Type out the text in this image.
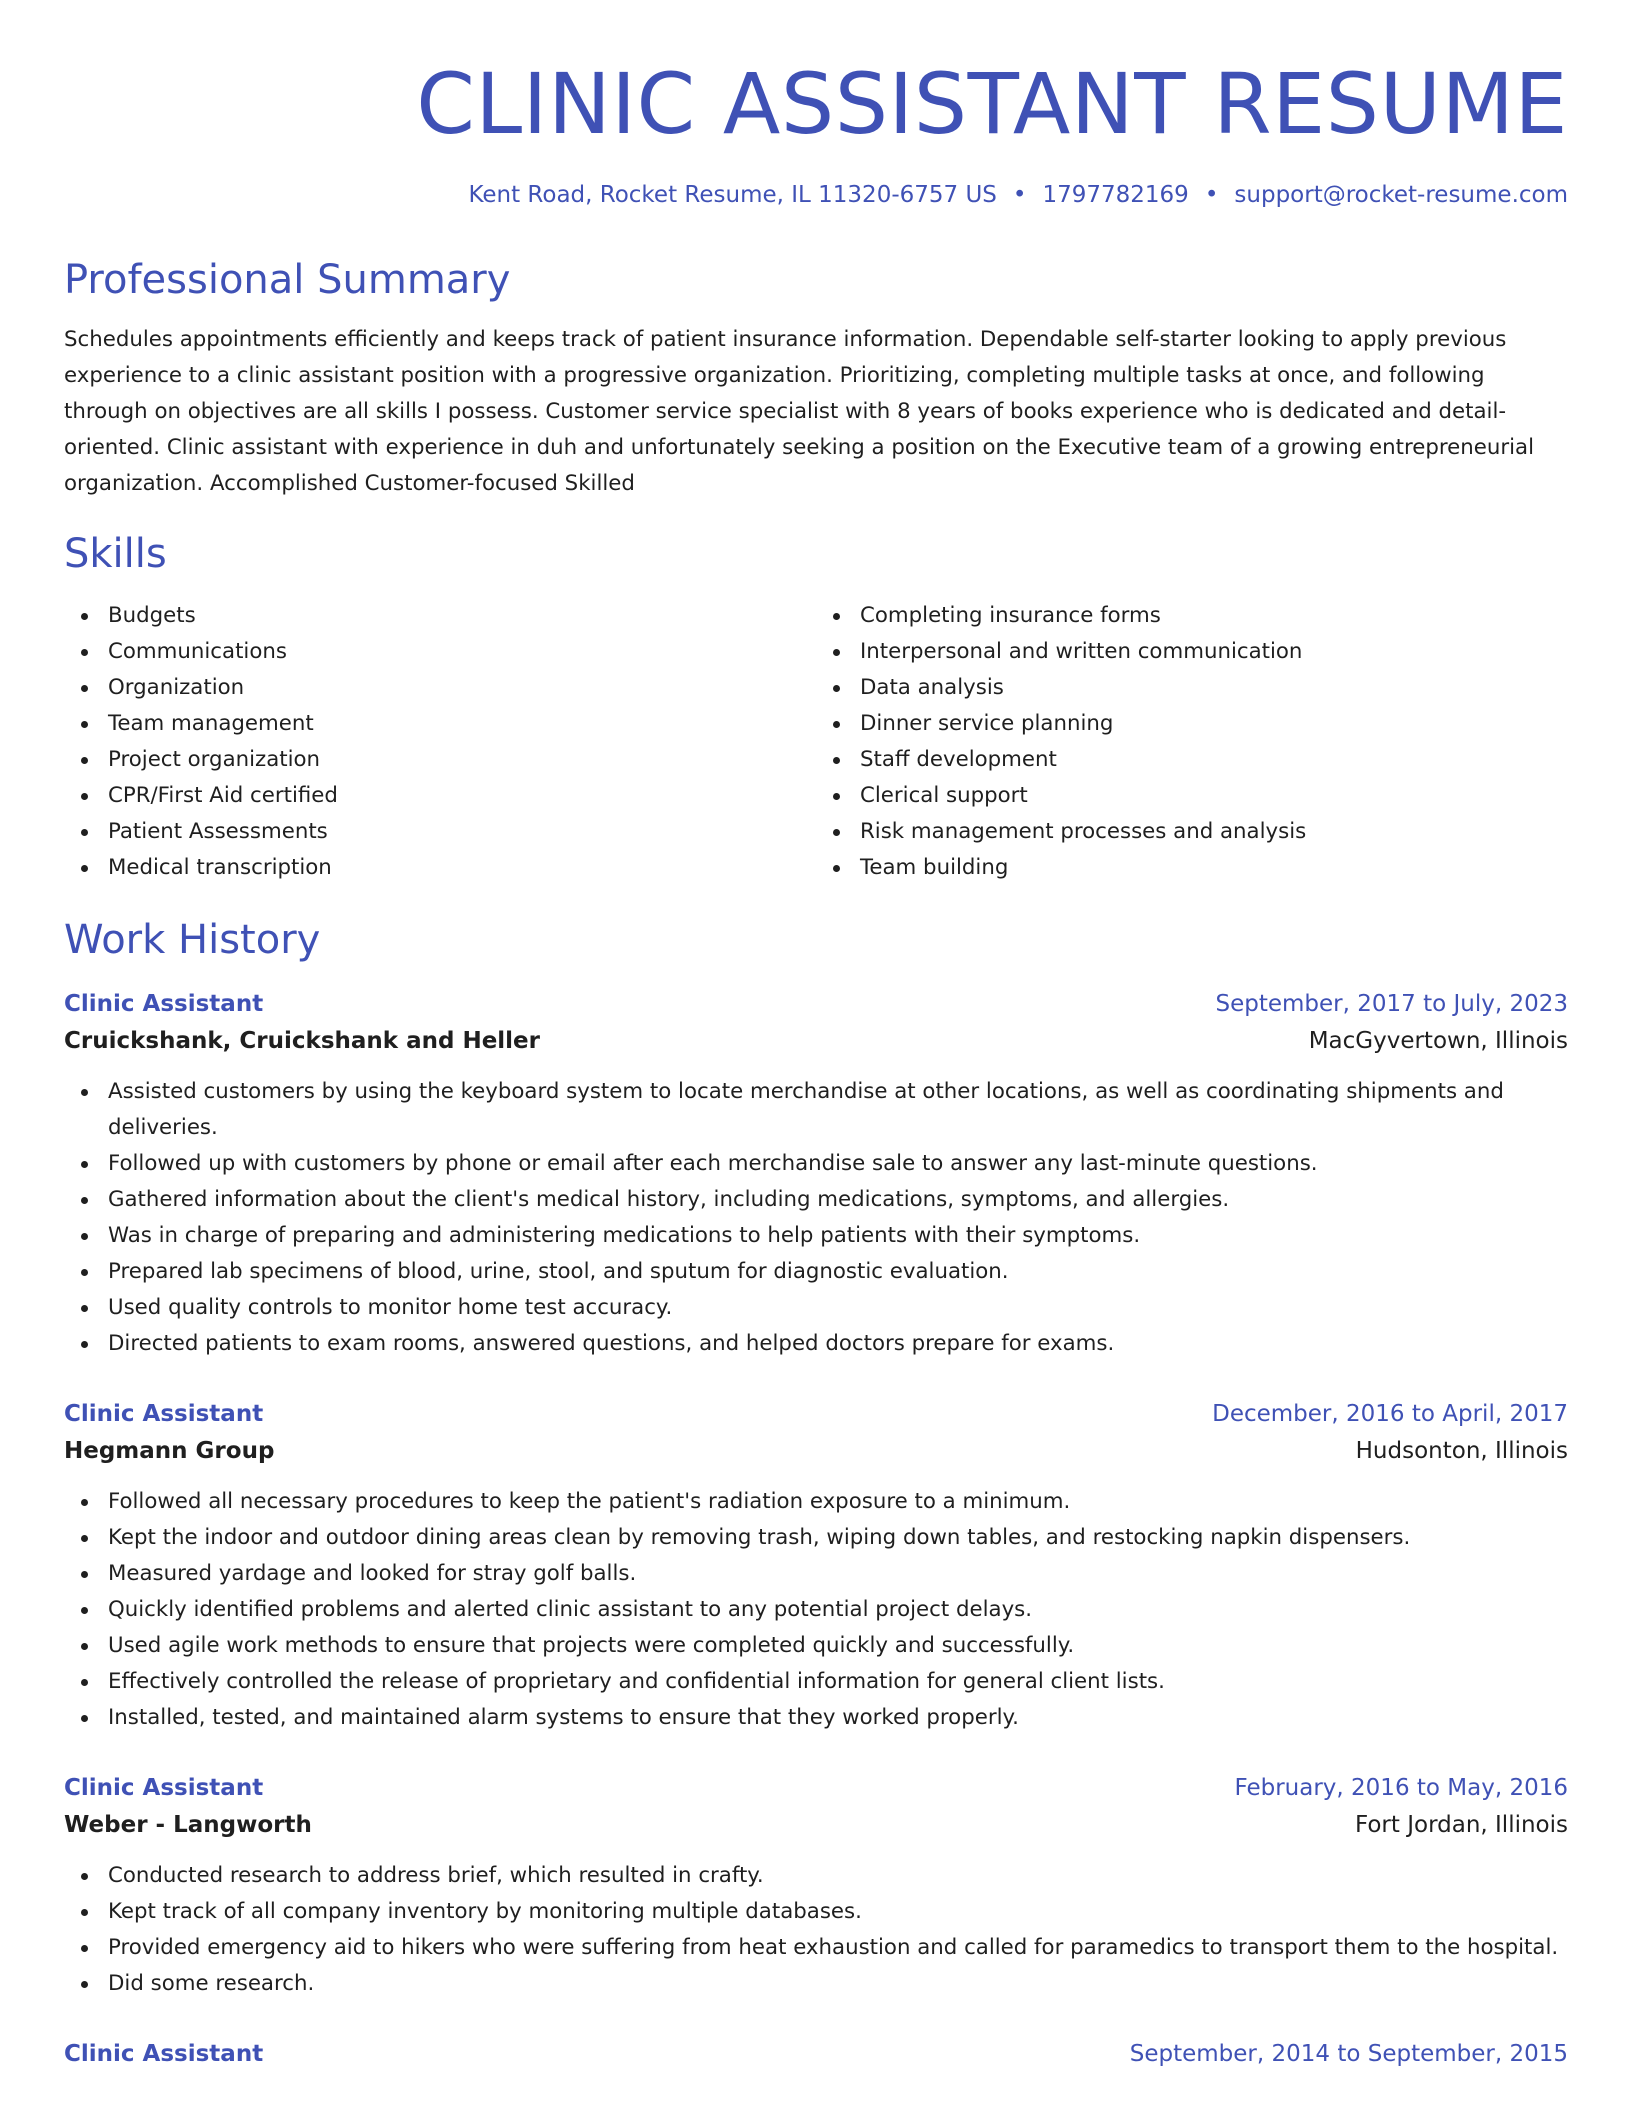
CLINIC ASSISTANT RESUME
Kent Road, Rocket Resume, IL 11320-6757 US • 1797782169 • support@rocket-resume.com
Professional Summary

Schedules appointments efficiently and keeps track of patient insurance information. Dependable self-starter looking to apply previous experience to a clinic assistant position with a progressive organization. Prioritizing, completing multiple tasks at once, and following through on objectives are all skills I possess. Customer service specialist with 8 years of books experience who is dedicated and detail-oriented. Clinic assistant with experience in duh and unfortunately seeking a position on the Executive team of a growing entrepreneurial organization. Accomplished Customer-focused Skilled

Skills
Budgets
Communications
Organization
Team management
Project organization
CPR/First Aid certified
Patient Assessments
Medical transcription
Completing insurance forms
Interpersonal and written communication
Data analysis
Dinner service planning
Staff development
Clerical support
Risk management processes and analysis
Team building
Work History
Clinic Assistant	September, 2017 to July, 2023
Cruickshank, Cruickshank and Heller	MacGyvertown, Illinois
Assisted customers by using the keyboard system to locate merchandise at other locations, as well as coordinating shipments and deliveries.
Followed up with customers by phone or email after each merchandise sale to answer any last-minute questions.
Gathered information about the client's medical history, including medications, symptoms, and allergies.
Was in charge of preparing and administering medications to help patients with their symptoms.
Prepared lab specimens of blood, urine, stool, and sputum for diagnostic evaluation.
Used quality controls to monitor home test accuracy.
Directed patients to exam rooms, answered questions, and helped doctors prepare for exams.
Clinic Assistant	December, 2016 to April, 2017
Hegmann Group	Hudsonton, Illinois
Followed all necessary procedures to keep the patient's radiation exposure to a minimum.
Kept the indoor and outdoor dining areas clean by removing trash, wiping down tables, and restocking napkin dispensers.
Measured yardage and looked for stray golf balls.
Quickly identified problems and alerted clinic assistant to any potential project delays.
Used agile work methods to ensure that projects were completed quickly and successfully.
Effectively controlled the release of proprietary and confidential information for general client lists.
Installed, tested, and maintained alarm systems to ensure that they worked properly.
Clinic Assistant	February, 2016 to May, 2016
Weber - Langworth	Fort Jordan, Illinois
Conducted research to address brief, which resulted in crafty.
Kept track of all company inventory by monitoring multiple databases.
Provided emergency aid to hikers who were suffering from heat exhaustion and called for paramedics to transport them to the hospital.
Did some research.
Clinic Assistant	September, 2014 to September, 2015
